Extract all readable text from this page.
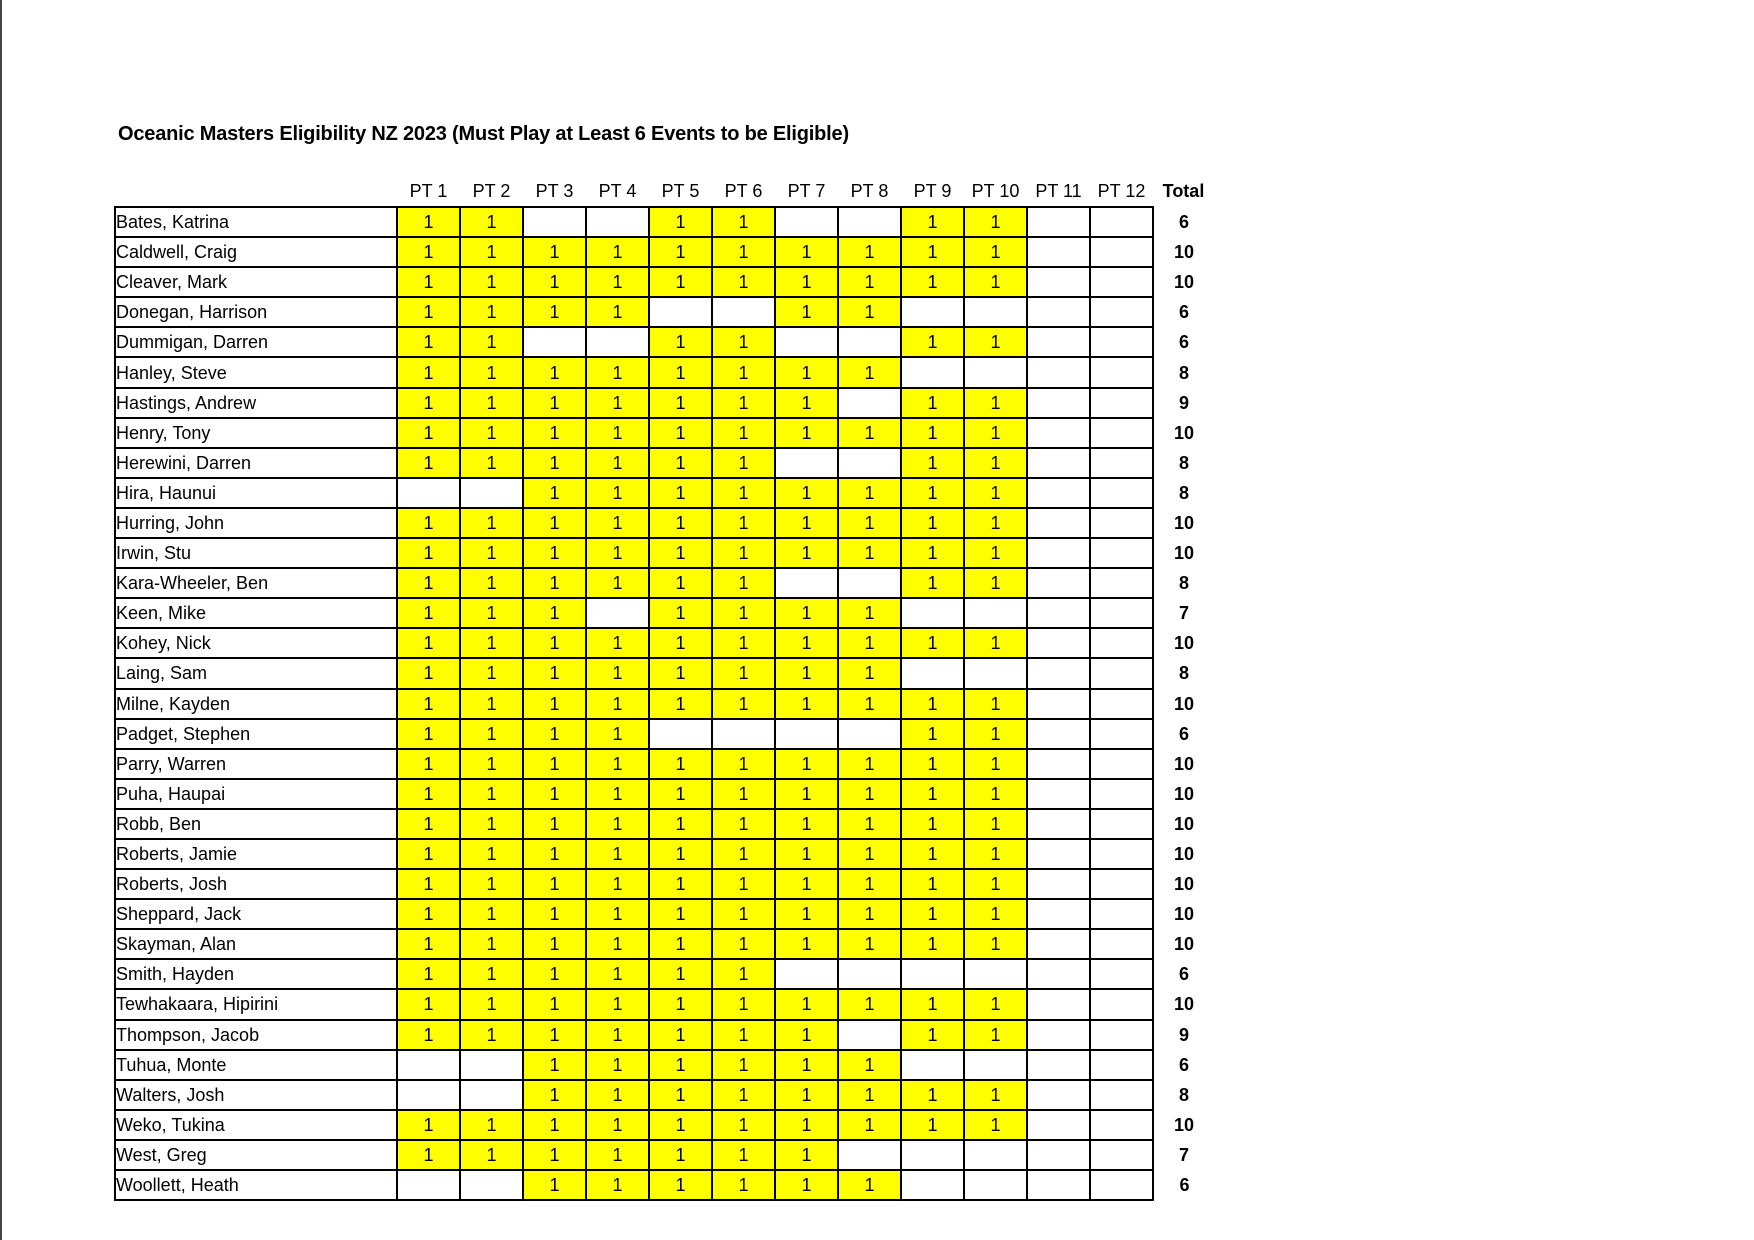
Oceanic Masters Eligibility NZ 2023 (Must Play at Least 6 Events to be Eligible)
	PT 1	PT 2	PT 3	PT 4	PT 5	PT 6	PT 7	PT 8	PT 9	PT 10	PT 11	PT 12	Total
Bates, Katrina	1	1			1	1			1	1			6
Caldwell, Craig	1	1	1	1	1	1	1	1	1	1			10
Cleaver, Mark	1	1	1	1	1	1	1	1	1	1			10
Donegan, Harrison	1	1	1	1			1	1					6
Dummigan, Darren	1	1			1	1			1	1			6
Hanley, Steve	1	1	1	1	1	1	1	1					8
Hastings, Andrew	1	1	1	1	1	1	1		1	1			9
Henry, Tony	1	1	1	1	1	1	1	1	1	1			10
Herewini, Darren	1	1	1	1	1	1			1	1			8
Hira, Haunui			1	1	1	1	1	1	1	1			8
Hurring, John	1	1	1	1	1	1	1	1	1	1			10
Irwin, Stu	1	1	1	1	1	1	1	1	1	1			10
Kara-Wheeler, Ben	1	1	1	1	1	1			1	1			8
Keen, Mike	1	1	1		1	1	1	1					7
Kohey, Nick	1	1	1	1	1	1	1	1	1	1			10
Laing, Sam	1	1	1	1	1	1	1	1					8
Milne, Kayden	1	1	1	1	1	1	1	1	1	1			10
Padget, Stephen	1	1	1	1					1	1			6
Parry, Warren	1	1	1	1	1	1	1	1	1	1			10
Puha, Haupai	1	1	1	1	1	1	1	1	1	1			10
Robb, Ben	1	1	1	1	1	1	1	1	1	1			10
Roberts, Jamie	1	1	1	1	1	1	1	1	1	1			10
Roberts, Josh	1	1	1	1	1	1	1	1	1	1			10
Sheppard, Jack	1	1	1	1	1	1	1	1	1	1			10
Skayman, Alan	1	1	1	1	1	1	1	1	1	1			10
Smith, Hayden	1	1	1	1	1	1							6
Tewhakaara, Hipirini	1	1	1	1	1	1	1	1	1	1			10
Thompson, Jacob	1	1	1	1	1	1	1		1	1			9
Tuhua, Monte			1	1	1	1	1	1					6
Walters, Josh			1	1	1	1	1	1	1	1			8
Weko, Tukina	1	1	1	1	1	1	1	1	1	1			10
West, Greg	1	1	1	1	1	1	1						7
Woollett, Heath			1	1	1	1	1	1					6
